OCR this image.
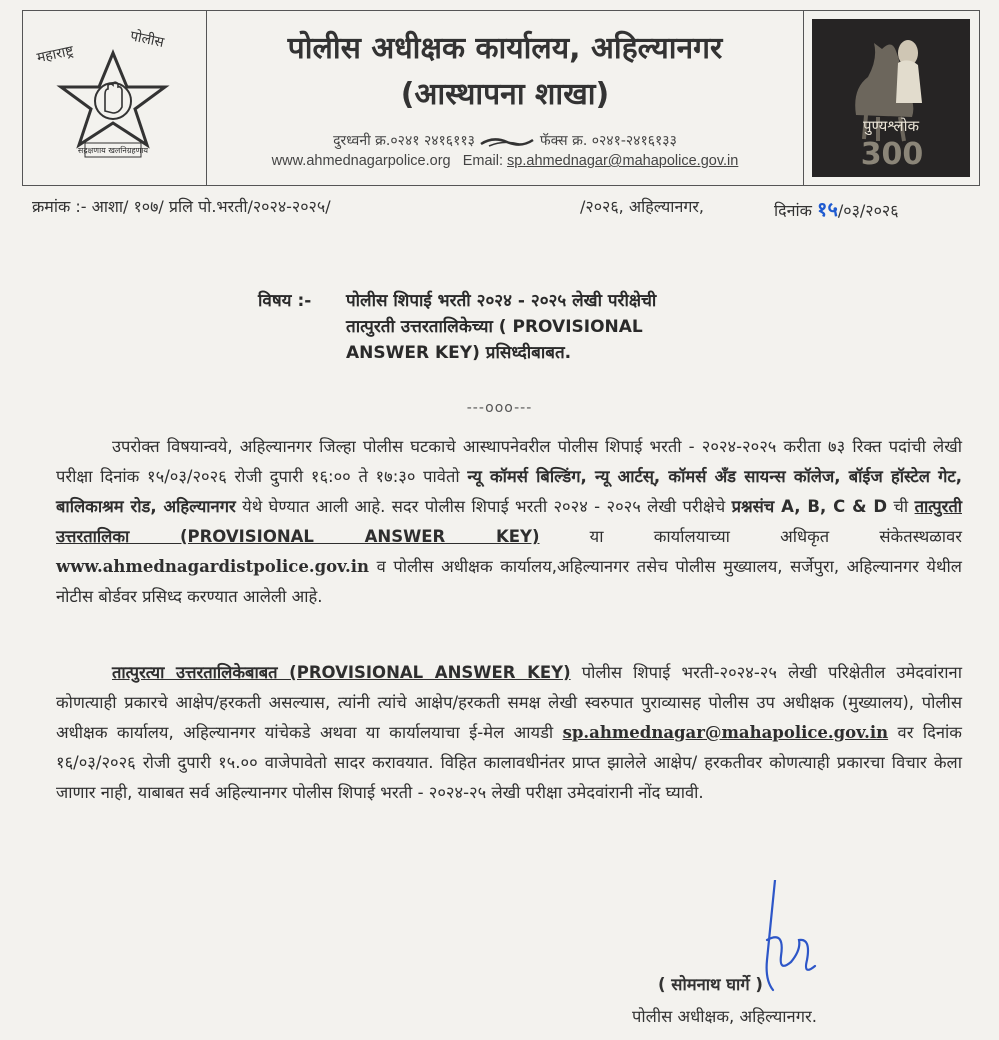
महाराष्ट्र
पोलीस
सद्रक्षणाय खलनिग्रहणाय
पोलीस अधीक्षक कार्यालय, अहिल्यानगर
(आस्थापना शाखा)
दुरध्वनी क्र.०२४१ २४१६११३	फॅक्स क्र. ०२४१-२४१६१३३
www.ahmednagarpolice.org Email: sp.ahmednagar@mahapolice.gov.in
पुण्यश्लोक
300
क्रमांक :- आशा/ १०७/ प्रलि पो.भरती/२०२४-२०२५/	/२०२६, अहिल्यानगर,	दिनांक १५/०३/२०२६
विषय :- पोलीस शिपाई भरती २०२४ - २०२५ लेखी परीक्षेची
तात्पुरती उत्तरतालिकेच्या ( PROVISIONAL
ANSWER KEY) प्रसिध्दीबाबत.
---ooo---
उपरोक्त विषयान्वये, अहिल्यानगर जिल्हा पोलीस घटकाचे आस्थापनेवरील पोलीस शिपाई भरती - २०२४-२०२५ करीता ७३ रिक्त पदांची लेखी परीक्षा दिनांक १५/०३/२०२६ रोजी दुपारी १६:०० ते १७:३० पावेतो न्यू कॉमर्स बिल्डिंग, न्यू आर्टस्, कॉमर्स अँड सायन्स कॉलेज, बॉईज हॉस्टेल गेट, बालिकाश्रम रोड, अहिल्यानगर येथे घेण्यात आली आहे. सदर पोलीस शिपाई भरती २०२४ - २०२५ लेखी परीक्षेचे प्रश्नसंच A, B, C & D ची तात्पुरती उत्तरतालिका (PROVISIONAL ANSWER KEY) या कार्यालयाच्या अधिकृत संकेतस्थळावर www.ahmednagardistpolice.gov.in व पोलीस अधीक्षक कार्यालय,अहिल्यानगर तसेच पोलीस मुख्यालय, सर्जेपुरा, अहिल्यानगर येथील नोटीस बोर्डवर प्रसिध्द करण्यात आलेली आहे.
तात्पुरत्या उत्तरतालिकेबाबत (PROVISIONAL ANSWER KEY) पोलीस शिपाई भरती-२०२४-२५ लेखी परिक्षेतील उमेदवांराना कोणत्याही प्रकारचे आक्षेप/हरकती असल्यास, त्यांनी त्यांचे आक्षेप/हरकती समक्ष लेखी स्वरुपात पुराव्यासह पोलीस उप अधीक्षक (मुख्यालय), पोलीस अधीक्षक कार्यालय, अहिल्यानगर यांचेकडे अथवा या कार्यालयाचा ई-मेल आयडी sp.ahmednagar@mahapolice.gov.in वर दिनांक १६/०३/२०२६ रोजी दुपारी १५.०० वाजेपावेतो सादर करावयात. विहित कालावधीनंतर प्राप्त झालेले आक्षेप/ हरकतीवर कोणत्याही प्रकारचा विचार केला जाणार नाही, याबाबत सर्व अहिल्यानगर पोलीस शिपाई भरती - २०२४-२५ लेखी परीक्षा उमेदवांरानी नोंद घ्यावी.
( सोमनाथ घार्गे )
पोलीस अधीक्षक, अहिल्यानगर.
